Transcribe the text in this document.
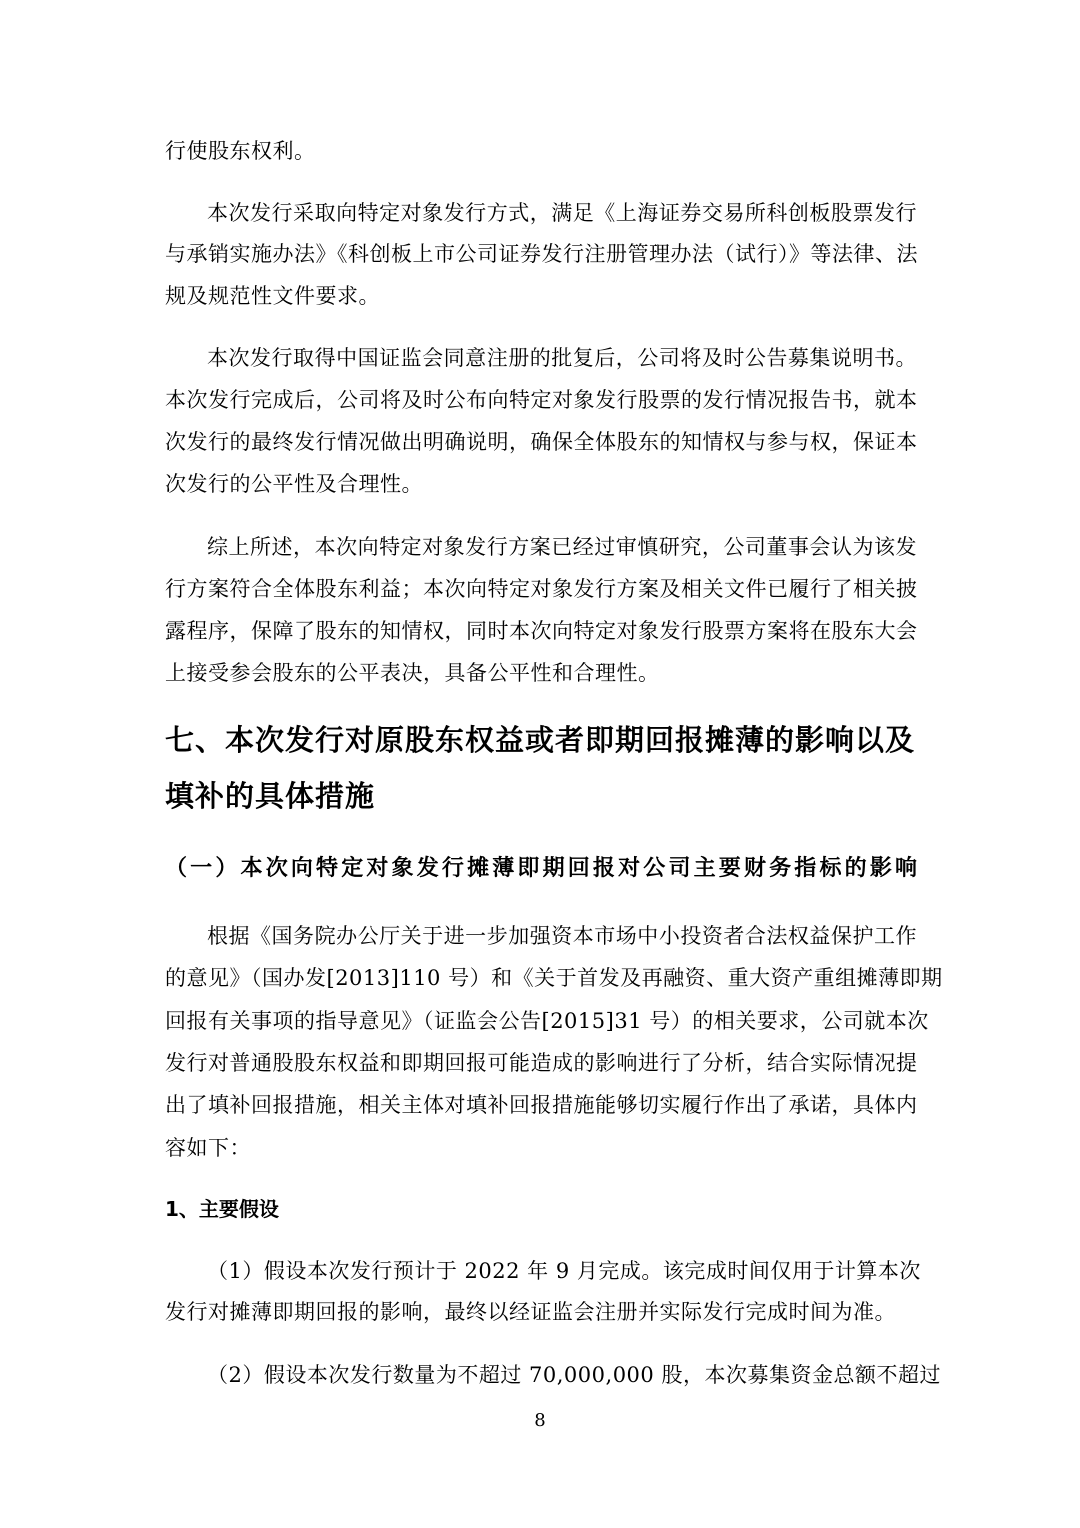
行使股东权利。
本次发行采取向特定对象发行方式，满足《上海证券交易所科创板股票发行
与承销实施办法》《科创板上市公司证券发行注册管理办法（试行）》等法律、法
规及规范性文件要求。
本次发行取得中国证监会同意注册的批复后，公司将及时公告募集说明书。
本次发行完成后，公司将及时公布向特定对象发行股票的发行情况报告书，就本
次发行的最终发行情况做出明确说明，确保全体股东的知情权与参与权，保证本
次发行的公平性及合理性。
综上所述，本次向特定对象发行方案已经过审慎研究，公司董事会认为该发
行方案符合全体股东利益；本次向特定对象发行方案及相关文件已履行了相关披
露程序，保障了股东的知情权，同时本次向特定对象发行股票方案将在股东大会
上接受参会股东的公平表决，具备公平性和合理性。
七、本次发行对原股东权益或者即期回报摊薄的影响以及
填补的具体措施
（一）本次向特定对象发行摊薄即期回报对公司主要财务指标的影响
根据《国务院办公厅关于进一步加强资本市场中小投资者合法权益保护工作
的意见》（国办发[2013]110 号）和《关于首发及再融资、重大资产重组摊薄即期
回报有关事项的指导意见》（证监会公告[2015]31 号）的相关要求，公司就本次
发行对普通股股东权益和即期回报可能造成的影响进行了分析，结合实际情况提
出了填补回报措施，相关主体对填补回报措施能够切实履行作出了承诺，具体内
容如下：
1、主要假设
（1）假设本次发行预计于 2022 年 9 月完成。该完成时间仅用于计算本次
发行对摊薄即期回报的影响，最终以经证监会注册并实际发行完成时间为准。
（2）假设本次发行数量为不超过 70,000,000 股，本次募集资金总额不超过
8
